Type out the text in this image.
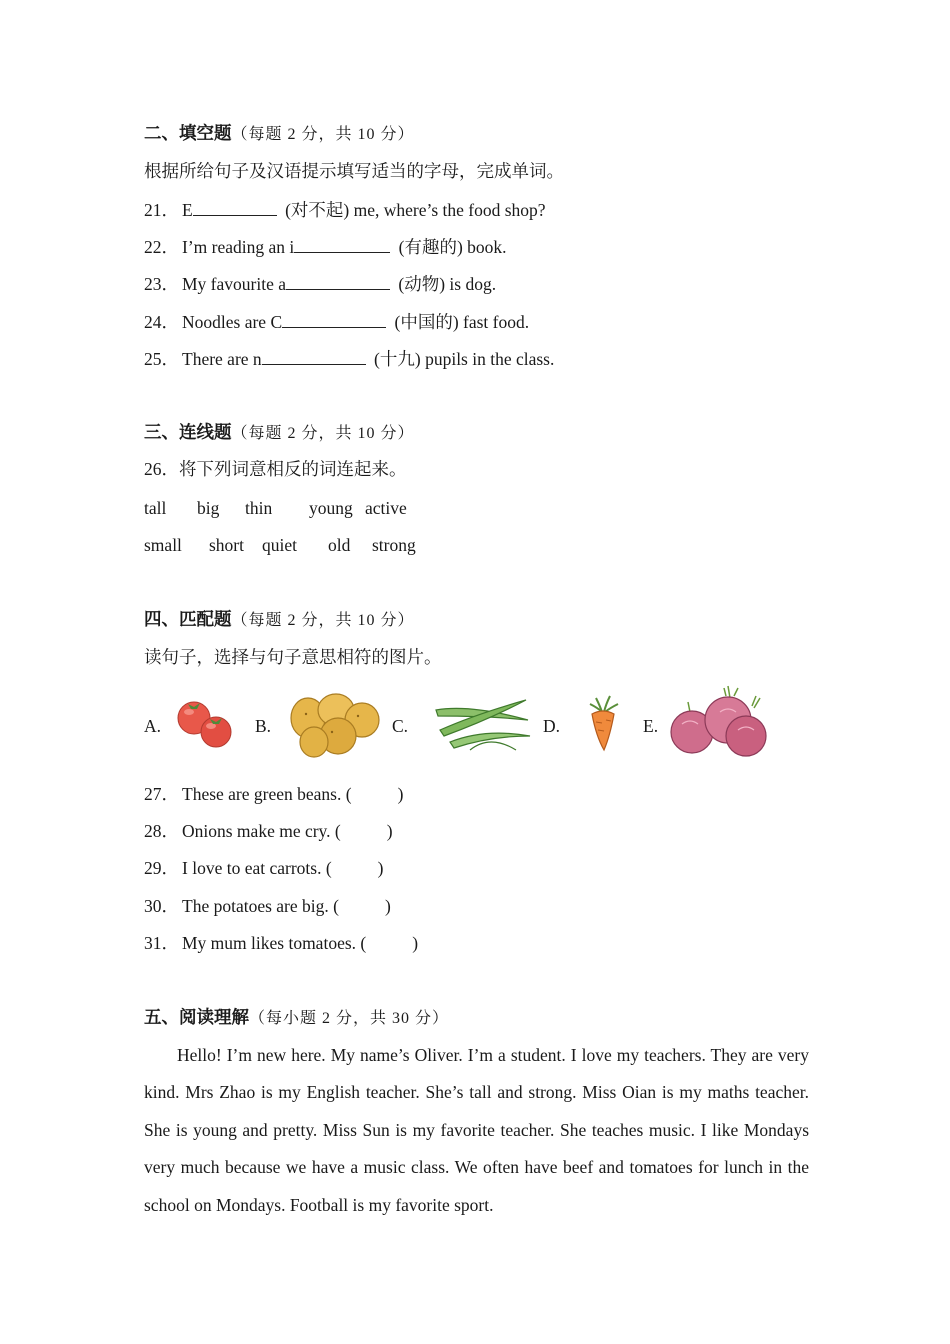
二、填空题（每题 2 分，共 10 分）
根据所给句子及汉语提示填写适当的字母，完成单词。
21． E	(对不起) me, where’s the food shop?
22． I’m reading an i	(有趣的) book.
23． My favourite a	(动物) is dog.
24． Noodles are C	(中国的) fast food.
25． There are n	(十九) pupils in the class.
三、连线题（每题 2 分，共 10 分）
26．将下列词意相反的词连起来。
tall big thin young active
small short quiet old strong
四、匹配题（每题 2 分，共 10 分）
读句子，选择与句子意思相符的图片。
A.	B.	C.	D.	E.
27． These are green beans. (	)
28． Onions make me cry. (	)
29． I love to eat carrots. (	)
30． The potatoes are big. (	)
31． My mum likes tomatoes. (	)
五、阅读理解（每小题 2 分，共 30 分）
Hello! I’m new here. My name’s Oliver. I’m a student. I love my teachers. They are very kind. Mrs Zhao is my English teacher. She’s tall and strong. Miss Oian is my maths teacher. She is young and pretty. Miss Sun is my favorite teacher. She teaches music. I like Mondays very much because we have a music class. We often have beef and tomatoes for lunch in the school on Mondays. Football is my favorite sport.
